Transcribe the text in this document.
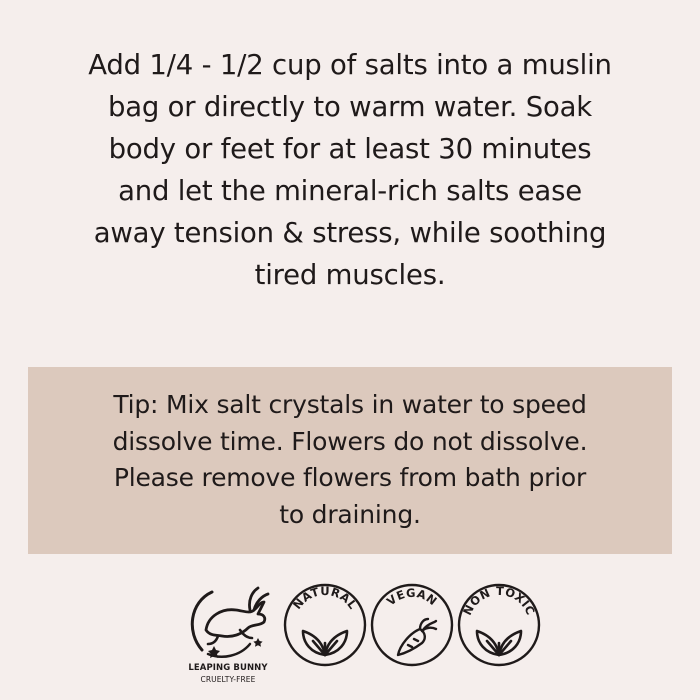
Add 1/4 - 1/2 cup of salts into a muslin
bag or directly to warm water. Soak
body or feet for at least 30 minutes
and let the mineral-rich salts ease
away tension & stress, while soothing
tired muscles.
Tip: Mix salt crystals in water to speed
dissolve time. Flowers do not dissolve.
Please remove flowers from bath prior
to draining.
LEAPING BUNNY
CRUELTY-FREE
NATURAL VEGAN
NON TOXIC
